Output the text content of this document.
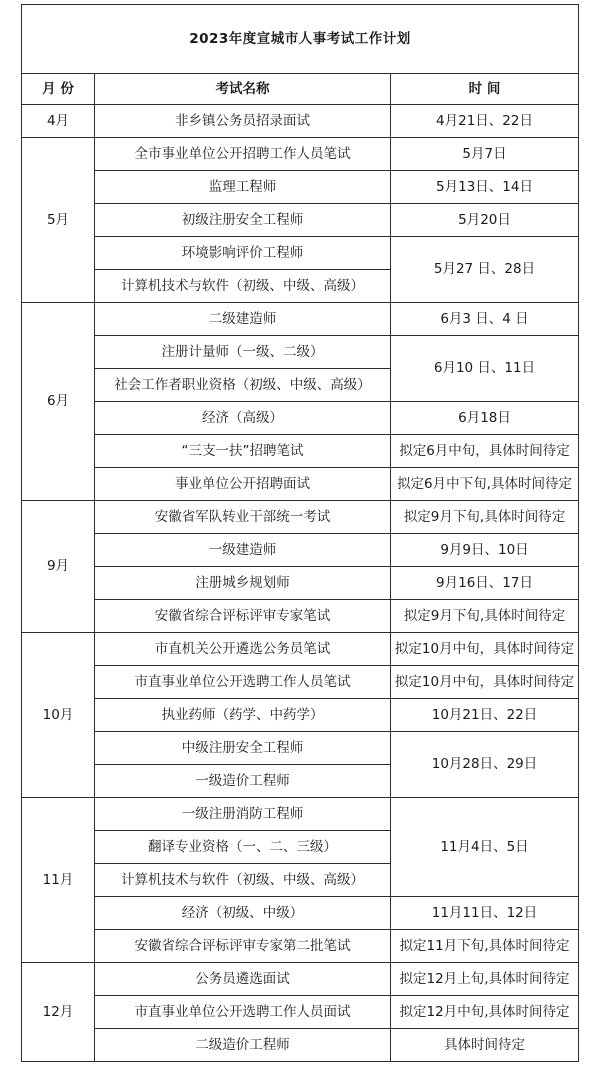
2023年度宣城市人事考试工作计划		
月 份	考试名称	时 间
4月	非乡镇公务员招录面试	4月21日、22日
5月	全市事业单位公开招聘工作人员笔试	5月7日
	监理工程师	5月13日、14日
	初级注册安全工程师	5月20日
	环境影响评价工程师	5月27 日、28日
	计算机技术与软件（初级、中级、高级）	
6月	二级建造师	6月3 日、4 日
	注册计量师（一级、二级）	6月10 日、11日
	社会工作者职业资格（初级、中级、高级）	
	经济（高级）	6月18日
	“三支一扶”招聘笔试	拟定6月中旬，具体时间待定
	事业单位公开招聘面试	拟定6月中下旬,具体时间待定
9月	安徽省军队转业干部统一考试	拟定9月下旬,具体时间待定
	一级建造师	9月9日、10日
	注册城乡规划师	9月16日、17日
	安徽省综合评标评审专家笔试	拟定9月下旬,具体时间待定
10月	市直机关公开遴选公务员笔试	拟定10月中旬，具体时间待定
	市直事业单位公开选聘工作人员笔试	拟定10月中旬，具体时间待定
	执业药师（药学、中药学）	10月21日、22日
	中级注册安全工程师	10月28日、29日
	一级造价工程师	
11月	一级注册消防工程师	11月4日、5日
	翻译专业资格（一、二、三级）	
	计算机技术与软件（初级、中级、高级）	
	经济（初级、中级）	11月11日、12日
	安徽省综合评标评审专家第二批笔试	拟定11月下旬,具体时间待定
12月	公务员遴选面试	拟定12月上旬,具体时间待定
	市直事业单位公开选聘工作人员面试	拟定12月中旬,具体时间待定
	二级造价工程师	具体时间待定
